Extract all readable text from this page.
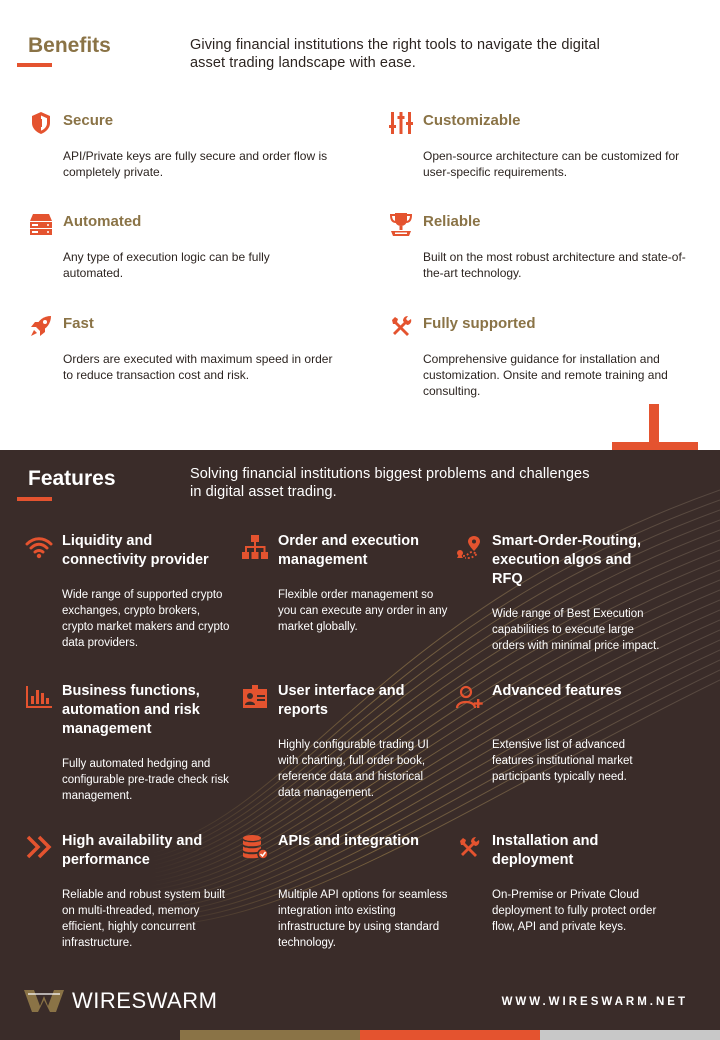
Benefits	Giving financial institutions the right tools to navigate the digital asset trading landscape with ease.

Secure

API/Private keys are fully secure and order flow is completely private.

Customizable

Open-source architecture can be customized for user-specific requirements.

Automated

Any type of execution logic can be fully automated.

Reliable

Built on the most robust architecture and state-of-the-art technology.

Fast

Orders are executed with maximum speed in order to reduce transaction cost and risk.

Fully supported

Comprehensive guidance for installation and customization. Onsite and remote training and consulting.

Features	Solving financial institutions biggest problems and challenges in digital asset trading.

Liquidity and connectivity provider

Wide range of supported crypto exchanges, crypto brokers, crypto market makers and crypto data providers.

Order and execution management

Flexible order management so you can execute any order in any market globally.

Smart-Order-Routing, execution algos and RFQ

Wide range of Best Execution capabilities to execute large orders with minimal price impact.

Business functions, automation and risk management

Fully automated hedging and configurable pre-trade check risk management.

User interface and reports

Highly configurable trading UI with charting, full order book, reference data and historical data management.

Advanced features

Extensive list of advanced features institutional market participants typically need.

High availability and performance

Reliable and robust system built on multi-threaded, memory efficient, highly concurrent infrastructure.

APIs and integration

Multiple API options for seamless integration into existing infrastructure by using standard technology.

Installation and deployment

On-Premise or Private Cloud deployment to fully protect order flow, API and private keys.

WIRESWARM	WWW.WIRESWARM.NET
